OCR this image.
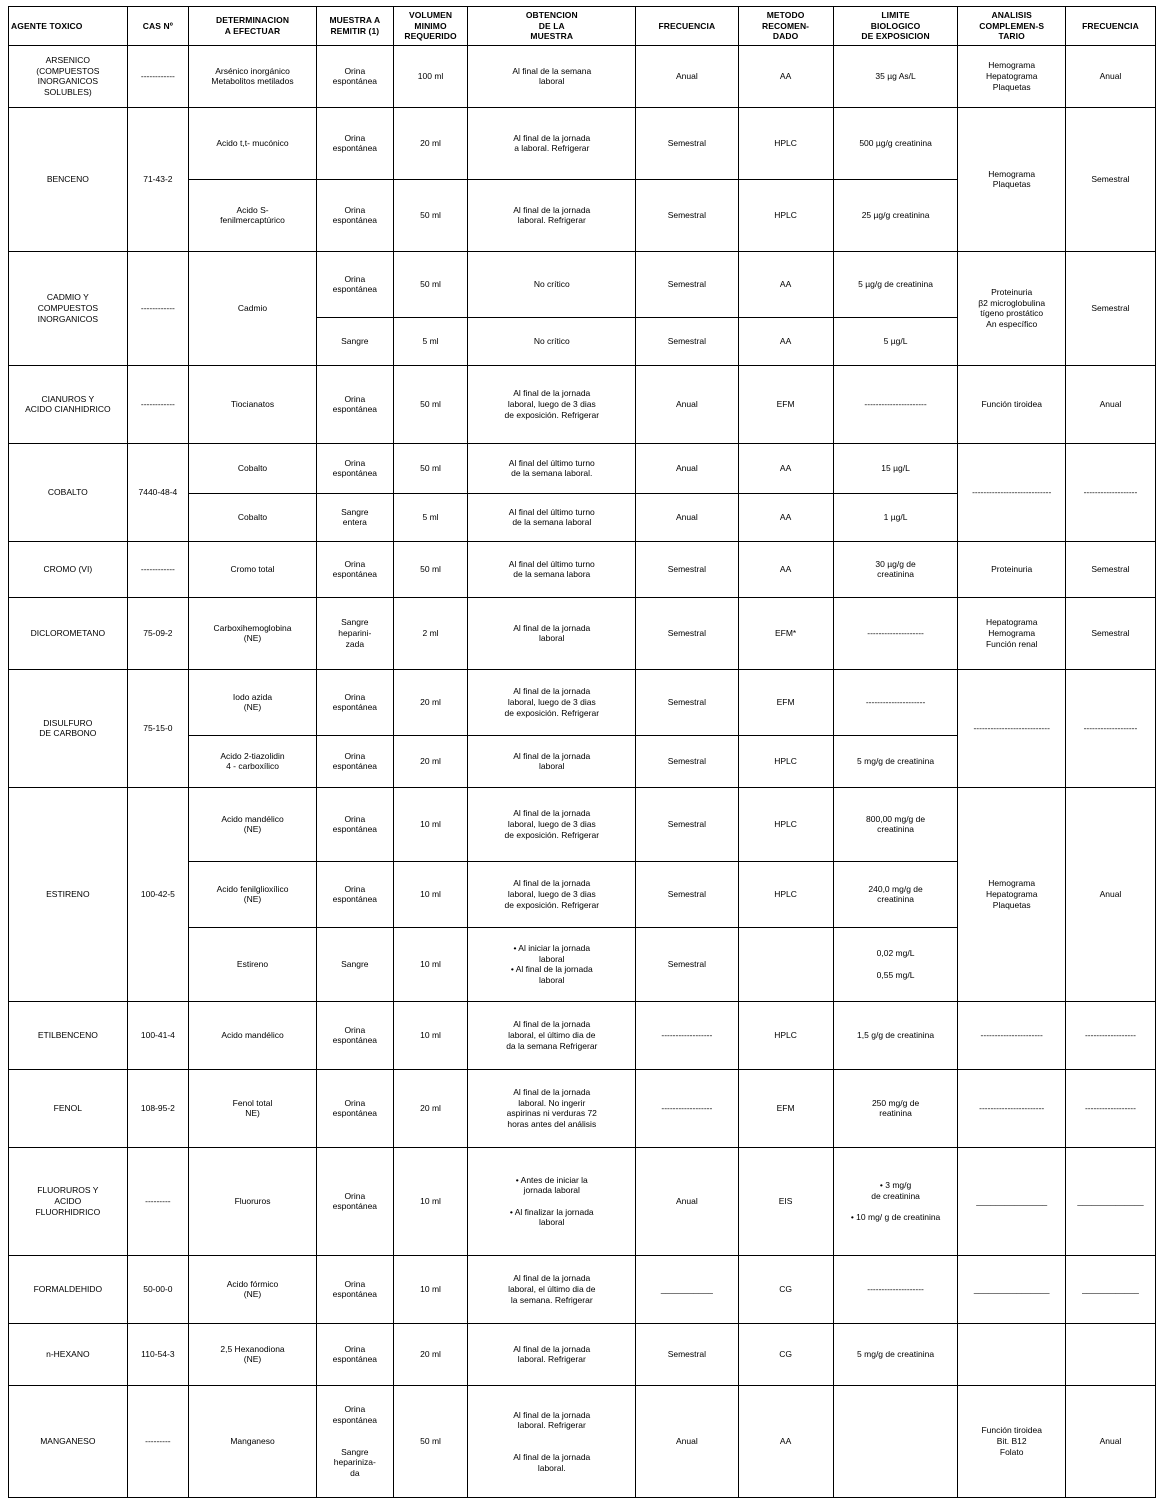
AGENTE TOXICO	CAS Nº	DETERMINACION
A EFECTUAR	MUESTRA A
REMITIR (1)	VOLUMEN
MINIMO
REQUERIDO	OBTENCION
DE LA
MUESTRA	FRECUENCIA	METODO
RECOMEN-
DADO	LIMITE
BIOLOGICO
DE EXPOSICION	ANALISIS
COMPLEMEN-S
TARIO	FRECUENCIA

ARSENICO
(COMPUESTOS
INORGANICOS
SOLUBLES)	------------	Arsénico inorgánico
Metabolitos metilados	Orina
espontánea	100 ml	Al final de la semana
laboral	Anual	AA	35 µg As/L	Hemograma
Hepatograma
Plaquetas	Anual

BENCENO	71-43-2	Acido t,t- mucónico	Orina
espontánea	20 ml	Al final de la jornada
a laboral. Refrigerar	Semestral	HPLC	500 µg/g creatinina	Hemograma
Plaquetas	Semestral

		Acido S-
fenilmercaptúrico	Orina
espontánea	50 ml	Al final de la jornada
laboral. Refrigerar	Semestral	HPLC	25 µg/g creatinina		

CADMIO Y
COMPUESTOS
INORGANICOS	------------	Cadmio	Orina
espontánea	50 ml	No crítico	Semestral	AA	5 µg/g de creatinina	Proteinuria
β2 microglobulina
tígeno prostático
An específico	Semestral

			Sangre	5 ml	No crítico	Semestral	AA	5 µg/L		

CIANUROS Y
ACIDO CIANHIDRICO	------------	Tiocianatos	Orina
espontánea	50 ml	Al final de la jornada
laboral, luego de 3 dias
de exposición. Refrigerar	Anual	EFM	----------------------	Función tiroidea	Anual

COBALTO	7440-48-4	Cobalto	Orina
espontánea	50 ml	Al final del último turno
de la semana laboral.	Anual	AA	15 µg/L	----------------------------	-------------------

		Cobalto	Sangre
entera	5 ml	Al final del último turno
de la semana laboral	Anual	AA	1 µg/L		

CROMO (VI)	------------	Cromo total	Orina
espontánea	50 ml	Al final del último turno
de la semana labora	Semestral	AA	30 µg/g de
creatinina	Proteinuria	Semestral

DICLOROMETANO	75-09-2	Carboxihemoglobina
(NE)	Sangre
heparini-
zada	2 ml	Al final de la jornada
laboral	Semestral	EFM*	--------------------	Hepatograma
Hemograma
Función renal	Semestral

DISULFURO
DE CARBONO	75-15-0	Iodo azida
(NE)	Orina
espontánea	20 ml	Al final de la jornada
laboral, luego de 3 dias
de exposición. Refrigerar	Semestral	EFM	---------------------	---------------------------	-------------------

		Acido 2-tiazolidin
4 - carboxílico	Orina
espontánea	20 ml	Al final de la jornada
laboral	Semestral	HPLC	5 mg/g de creatinina		

ESTIRENO	100-42-5	Acido mandélico
(NE)	Orina
espontánea	10 ml	Al final de la jornada
laboral, luego de 3 dias
de exposición. Refrigerar	Semestral	HPLC	800,00 mg/g de
creatinina	Hemograma
Hepatograma
Plaquetas	Anual

		Acido fenilglioxílico
(NE)	Orina
espontánea	10 ml	Al final de la jornada
laboral, luego de 3 dias
de exposición. Refrigerar	Semestral	HPLC	240,0 mg/g de
creatinina		

		Estireno	Sangre	10 ml	• Al iniciar la jornada
laboral
• Al final de la jornada
laboral	Semestral		0,02 mg/L

0,55 mg/L		

ETILBENCENO	100-41-4	Acido mandélico	Orina
espontánea	10 ml	Al final de la jornada
laboral, el último dia de
da la semana Refrigerar	------------------	HPLC	1,5 g/g de creatinina	----------------------	------------------

FENOL	108-95-2	Fenol total
NE)	Orina
espontánea	20 ml	Al final de la jornada
laboral. No ingerir
aspirinas ni verduras 72
horas antes del análisis	------------------	EFM	250 mg/g de
reatinina	-----------------------	------------------

FLUORUROS Y
ACIDO
FLUORHIDRICO	---------	Fluoruros	Orina
espontánea	10 ml	• Antes de iniciar la
jornada laboral

• Al finalizar la jornada
laboral	Anual	EIS	• 3 mg/g
de creatinina

• 10 mg/ g de creatinina	_______________	______________

FORMALDEHIDO	50-00-0	Acido fórmico
(NE)	Orina
espontánea	10 ml	Al final de la jornada
laboral, el último dia de
la semana. Refrigerar	___________	CG	--------------------	________________	____________

n-HEXANO	110-54-3	2,5 Hexanodiona
(NE)	Orina
espontánea	20 ml	Al final de la jornada
laboral. Refrigerar	Semestral	CG	5 mg/g de creatinina		

MANGANESO	---------	Manganeso	Orina
espontánea

Sangre
hepariniza-
da	50 ml	Al final de la jornada
laboral. Refrigerar

Al final de la jornada
laboral.	Anual	AA		Función tiroidea
Bit. B12
Folato	Anual
